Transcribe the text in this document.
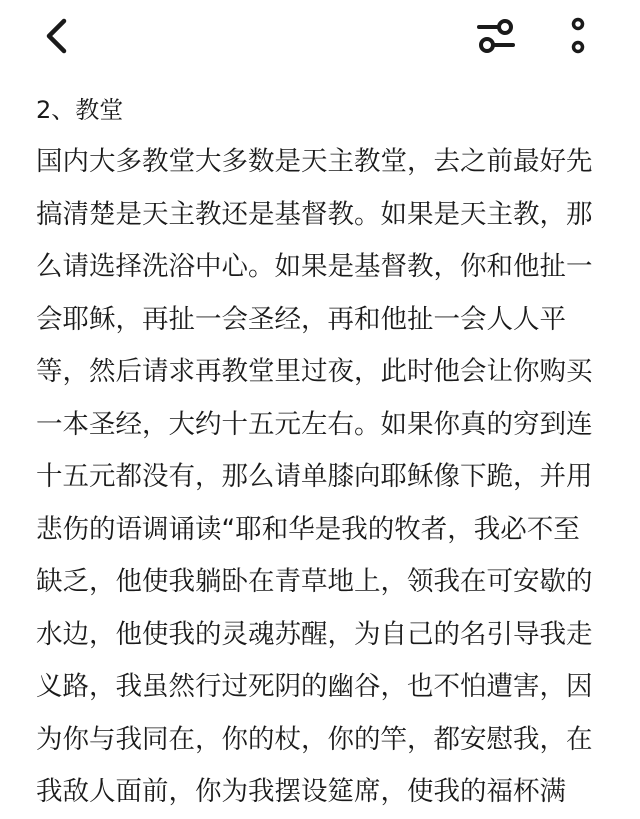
2、教堂

国内大多教堂大多数是天主教堂，去之前最好先

搞清楚是天主教还是基督教。如果是天主教，那

么请选择洗浴中心。如果是基督教，你和他扯一

会耶稣，再扯一会圣经，再和他扯一会人人平

等，然后请求再教堂里过夜，此时他会让你购买

一本圣经，大约十五元左右。如果你真的穷到连

十五元都没有，那么请单膝向耶稣像下跪，并用

悲伤的语调诵读“耶和华是我的牧者，我必不至

缺乏，他使我躺卧在青草地上，领我在可安歇的

水边，他使我的灵魂苏醒，为自己的名引导我走

义路，我虽然行过死阴的幽谷，也不怕遭害，因

为你与我同在，你的杖，你的竿，都安慰我，在

我敌人面前，你为我摆设筵席，使我的福杯满
